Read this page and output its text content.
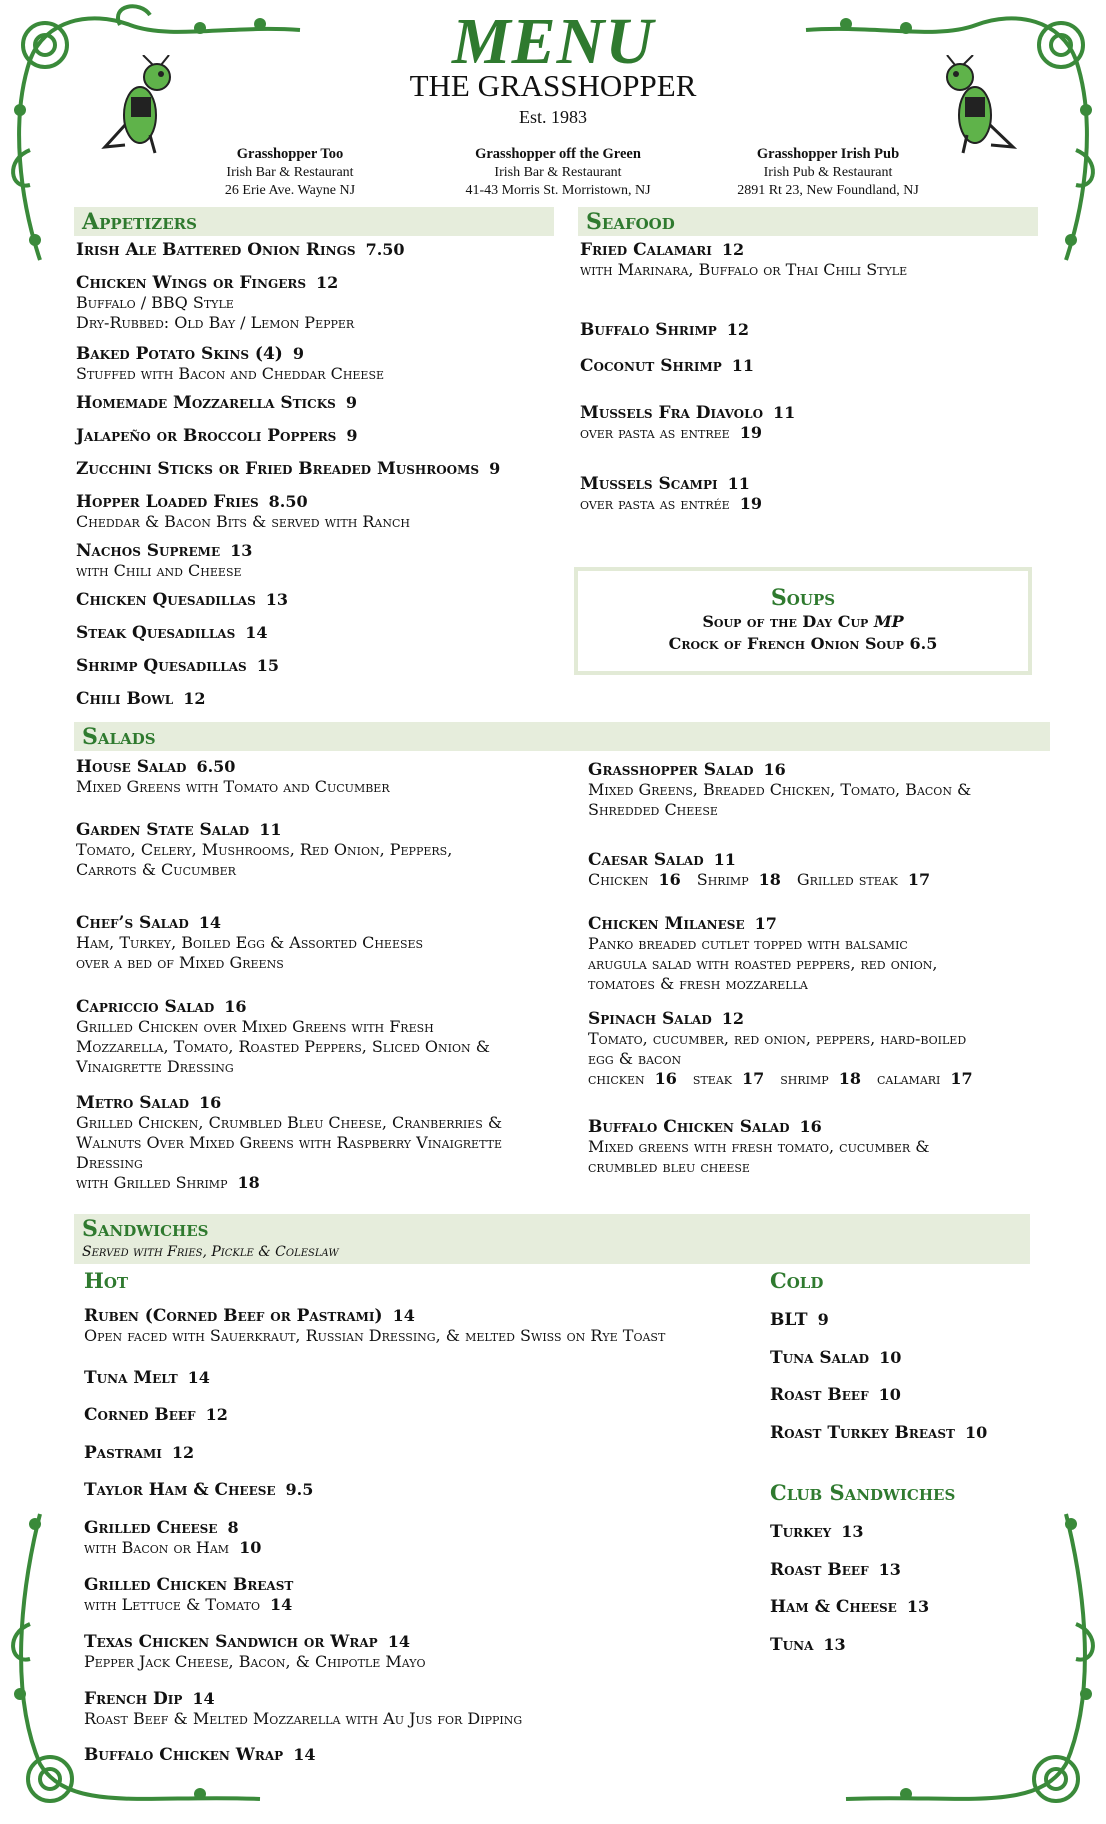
MENU
THE GRASSHOPPER
Est. 1983
Grasshopper Too
Irish Bar & Restaurant
26 Erie Ave. Wayne NJ
Grasshopper off the Green
Irish Bar & Restaurant
41-43 Morris St. Morristown, NJ
Grasshopper Irish Pub
Irish Pub & Restaurant
2891 Rt 23, New Foundland, NJ
Appetizers
Irish Ale Battered Onion Rings 7.50
Chicken Wings or Fingers 12
Buffalo / BBQ Style
Dry-Rubbed: Old Bay / Lemon Pepper
Baked Potato Skins (4) 9
Stuffed with Bacon and Cheddar Cheese
Homemade Mozzarella Sticks 9
Jalapeño or Broccoli Poppers 9
Zucchini Sticks or Fried Breaded Mushrooms 9
Hopper Loaded Fries 8.50
Cheddar & Bacon Bits & served with Ranch
Nachos Supreme 13
with Chili and Cheese
Chicken Quesadillas 13
Steak Quesadillas 14
Shrimp Quesadillas 15
Chili Bowl 12
Seafood
Fried Calamari 12
with Marinara, Buffalo or Thai Chili Style
Buffalo Shrimp 12
Coconut Shrimp 11
Mussels Fra Diavolo 11
over pasta as entree 19
Mussels Scampi 11
over pasta as entrée 19
Soups
Soup of the Day Cup MP
Crock of French Onion Soup 6.5
Salads
House Salad 6.50
Mixed Greens with Tomato and Cucumber
Garden State Salad 11
Tomato, Celery, Mushrooms, Red Onion, Peppers,
Carrots & Cucumber
Chef’s Salad 14
Ham, Turkey, Boiled Egg & Assorted Cheeses
over a bed of Mixed Greens
Capriccio Salad 16
Grilled Chicken over Mixed Greens with Fresh
Mozzarella, Tomato, Roasted Peppers, Sliced Onion &
Vinaigrette Dressing
Metro Salad 16
Grilled Chicken, Crumbled Bleu Cheese, Cranberries &
Walnuts Over Mixed Greens with Raspberry Vinaigrette
Dressing
with Grilled Shrimp 18
Grasshopper Salad 16
Mixed Greens, Breaded Chicken, Tomato, Bacon &
Shredded Cheese
Caesar Salad 11
Chicken 16 Shrimp 18 Grilled steak 17
Chicken Milanese 17
Panko breaded cutlet topped with balsamic
arugula salad with roasted peppers, red onion,
tomatoes & fresh mozzarella
Spinach Salad 12
Tomato, cucumber, red onion, peppers, hard-boiled
egg & bacon
chicken 16 steak 17 shrimp 18 calamari 17
Buffalo Chicken Salad 16
Mixed greens with fresh tomato, cucumber &
crumbled bleu cheese
Sandwiches
Served with Fries, Pickle & Coleslaw
Hot	Cold
Club Sandwiches
Ruben (Corned Beef or Pastrami) 14
Open faced with Sauerkraut, Russian Dressing, & melted Swiss on Rye Toast
Tuna Melt 14
Corned Beef 12
Pastrami 12
Taylor Ham & Cheese 9.5
Grilled Cheese 8
with Bacon or Ham 10
Grilled Chicken Breast
with Lettuce & Tomato 14
Texas Chicken Sandwich or Wrap 14
Pepper Jack Cheese, Bacon, & Chipotle Mayo
French Dip 14
Roast Beef & Melted Mozzarella with Au Jus for Dipping
Buffalo Chicken Wrap 14
BLT 9
Tuna Salad 10
Roast Beef 10
Roast Turkey Breast 10
Turkey 13
Roast Beef 13
Ham & Cheese 13
Tuna 13
